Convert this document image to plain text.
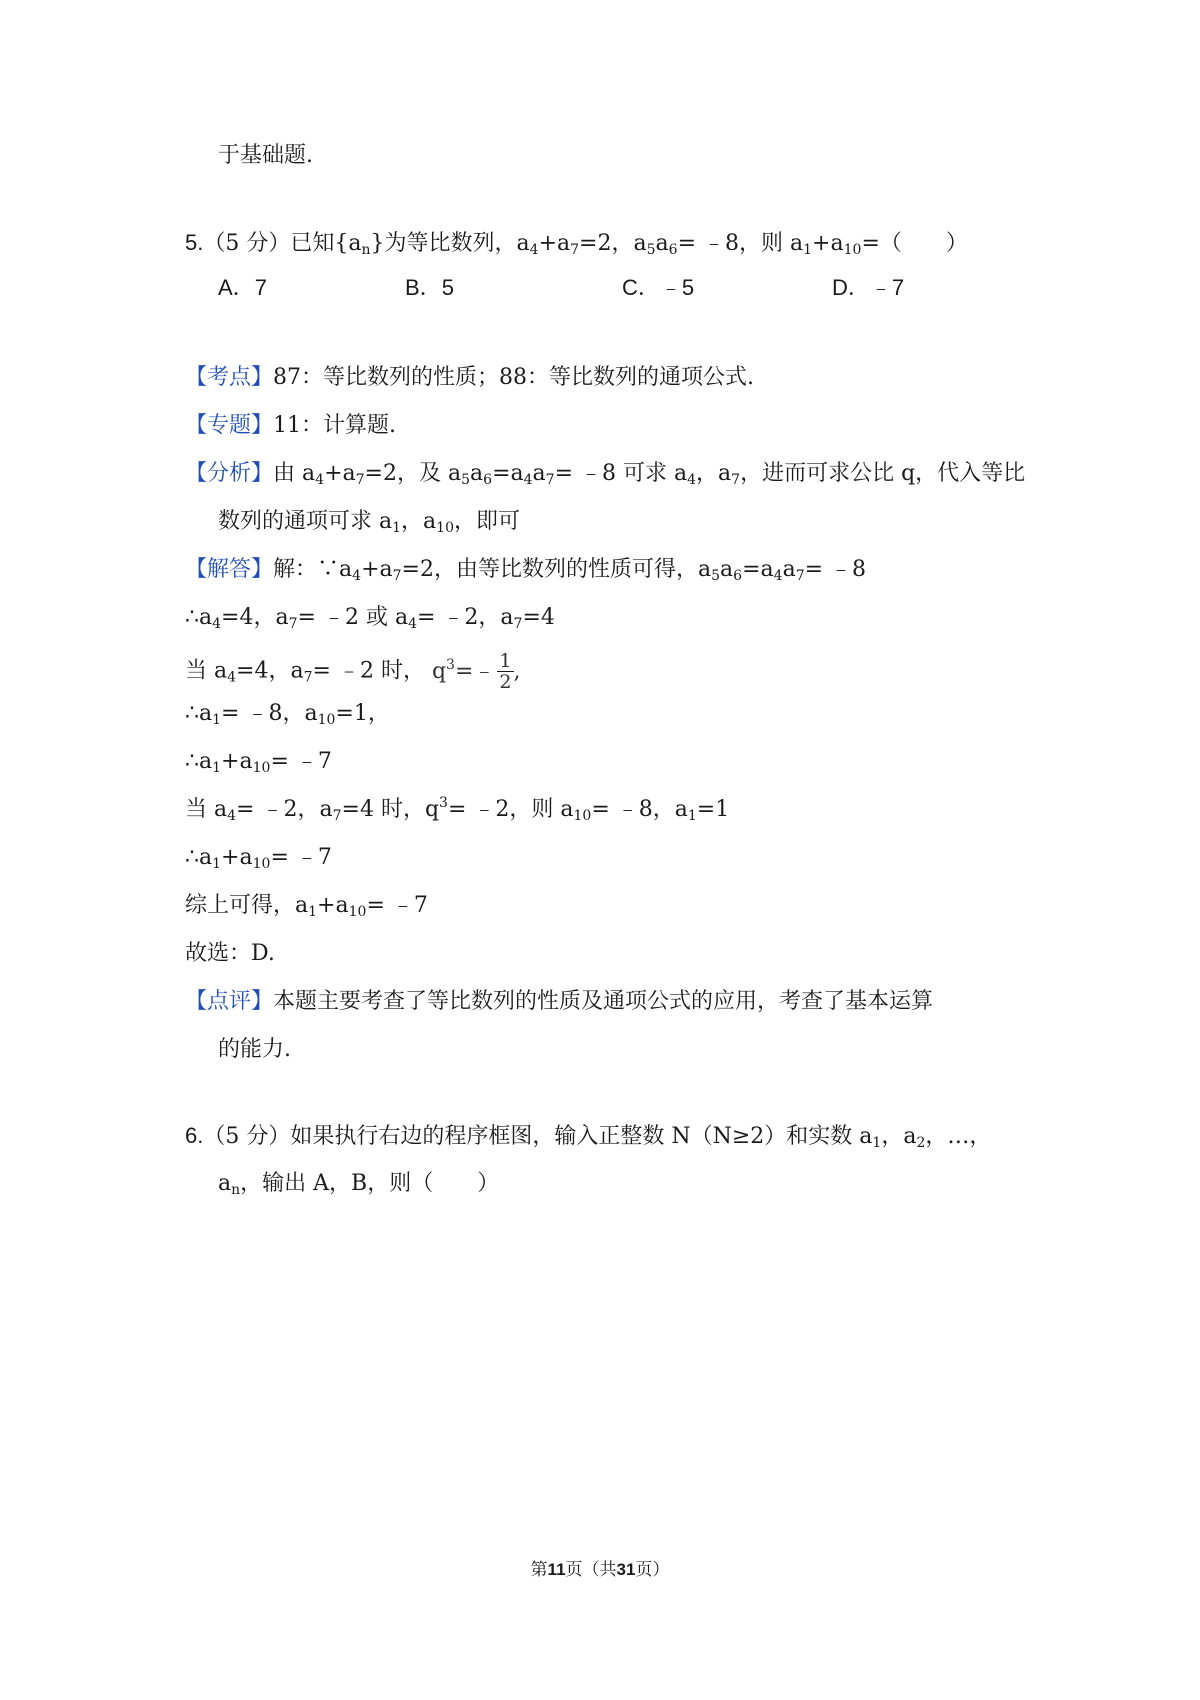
于基础题.
5.（5 分）已知$\{a_n\}$为等比数列，$a_4+a_7=2$，$a_5a_6=$ ﹣8，则 $a_1+a_{10}=$（　　）
A．7	B．5	C．﹣5	D．﹣7
【考点】87：等比数列的性质；88：等比数列的通项公式.
【专题】11：计算题.
【分析】由 $a_4+a_7=2$，及 $a_5a_6=a_4a_7=$ ﹣8 可求 $a_4$，$a_7$，进而可求公比 q，代入等比
数列的通项可求 $a_1$，$a_{10}$，即可
【解答】解：$\because a_4+a_7=2$，由等比数列的性质可得，$a_5a_6=a_4a_7=$ ﹣8
$\therefore a_4=4$，$a_7=$ ﹣2 或 $a_4=$ ﹣2，$a_7=4$
当 $a_4=4$，$a_7=$ ﹣2 时， $q^3=﹣ \frac{1}{2}$ ,
$\therefore a_1=$ ﹣8，$a_{10}=1$，
$\therefore a_1+a_{10}=$ ﹣7
当 $a_4=$ ﹣2，$a_7=4$ 时，$q^3=$ ﹣2，则 $a_{10}=$ ﹣8，$a_1=1$
$\therefore a_1+a_{10}=$ ﹣7
综上可得，$a_1+a_{10}=$ ﹣7
故选：D.
【点评】本题主要考查了等比数列的性质及通项公式的应用，考查了基本运算
的能力.
6.（5 分）如果执行右边的程序框图，输入正整数 N（N≥2）和实数 $a_1$，$a_2$，…，
$a_n$，输出 A，B，则（　　）
第11页（共31页）
